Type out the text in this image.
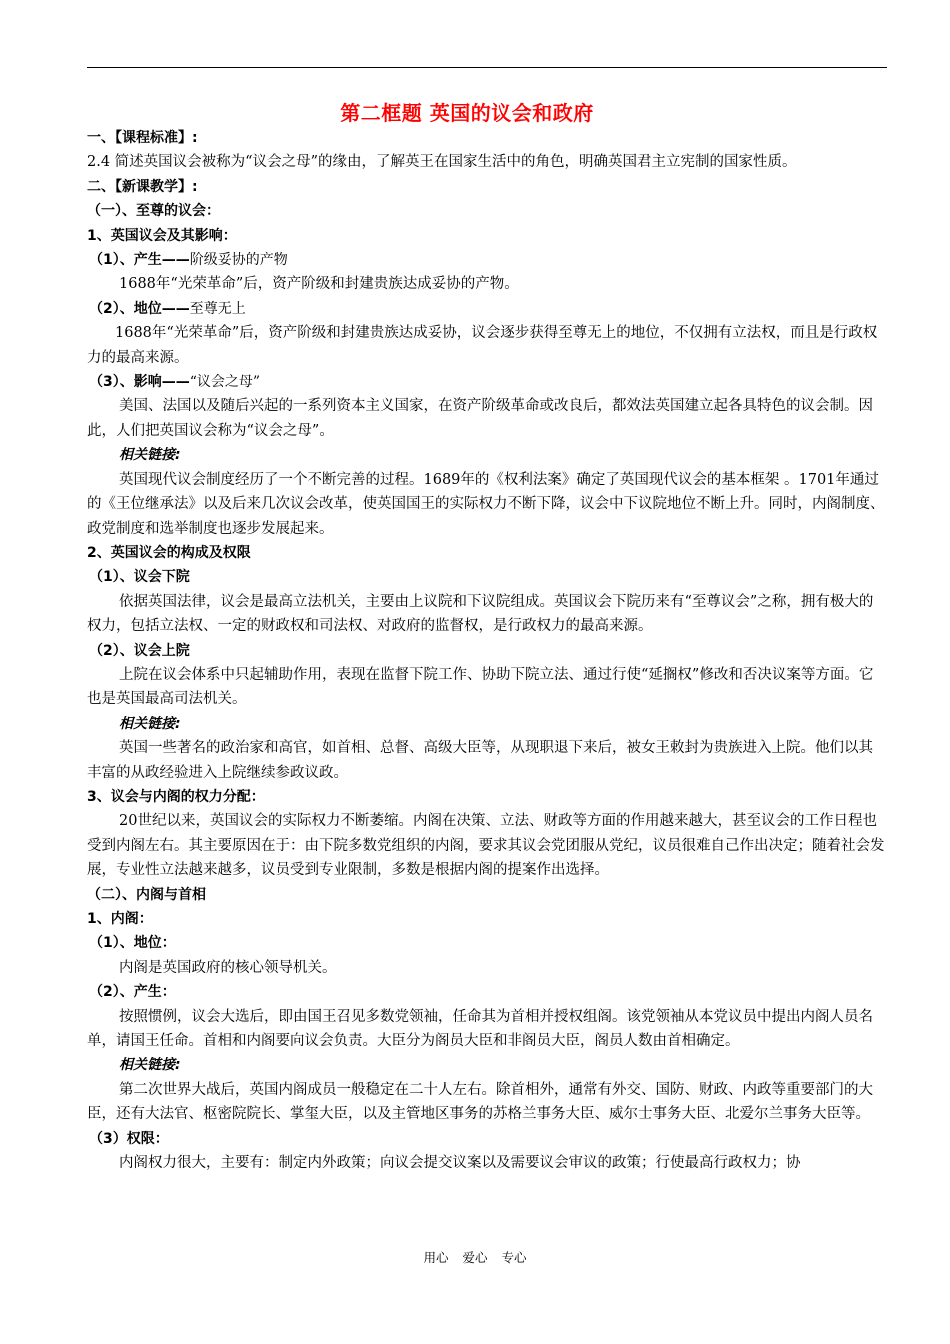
第二框题 英国的议会和政府

一、【课程标准】:

2.4 简述英国议会被称为“议会之母”的缘由，了解英王在国家生活中的角色，明确英国君主立宪制的国家性质。

二、【新课教学】:

（一）、至尊的议会：

1、英国议会及其影响：

（1）、产生——阶级妥协的产物

1688年“光荣革命”后，资产阶级和封建贵族达成妥协的产物。

（2）、地位——至尊无上

1688年“光荣革命”后，资产阶级和封建贵族达成妥协，议会逐步获得至尊无上的地位，不仅拥有立法权，而且是行政权力的最高来源。

（3）、影响——“议会之母”

美国、法国以及随后兴起的一系列资本主义国家，在资产阶级革命或改良后，都效法英国建立起各具特色的议会制。因此，人们把英国议会称为“议会之母”。

相关链接:

英国现代议会制度经历了一个不断完善的过程。1689年的《权利法案》确定了英国现代议会的基本框架 。1701年通过的《王位继承法》以及后来几次议会改革，使英国国王的实际权力不断下降，议会中下议院地位不断上升。同时，内阁制度、政党制度和选举制度也逐步发展起来。

2、英国议会的构成及权限

（1）、议会下院

依据英国法律，议会是最高立法机关，主要由上议院和下议院组成。英国议会下院历来有“至尊议会”之称，拥有极大的权力，包括立法权、一定的财政权和司法权、对政府的监督权，是行政权力的最高来源。

（2）、议会上院

上院在议会体系中只起辅助作用，表现在监督下院工作、协助下院立法、通过行使“延搁权”修改和否决议案等方面。它也是英国最高司法机关。

相关链接:

英国一些著名的政治家和高官，如首相、总督、高级大臣等，从现职退下来后，被女王敕封为贵族进入上院。他们以其丰富的从政经验进入上院继续参政议政。

3、议会与内阁的权力分配：

20世纪以来，英国议会的实际权力不断萎缩。内阁在决策、立法、财政等方面的作用越来越大，甚至议会的工作日程也受到内阁左右。其主要原因在于：由下院多数党组织的内阁，要求其议会党团服从党纪，议员很难自己作出决定；随着社会发展，专业性立法越来越多，议员受到专业限制，多数是根据内阁的提案作出选择。

（二）、内阁与首相

1、内阁：

（1）、地位：

内阁是英国政府的核心领导机关。

（2）、产生：

按照惯例，议会大选后，即由国王召见多数党领袖，任命其为首相并授权组阁。该党领袖从本党议员中提出内阁人员名单，请国王任命。首相和内阁要向议会负责。大臣分为阁员大臣和非阁员大臣，阁员人数由首相确定。

相关链接:

第二次世界大战后，英国内阁成员一般稳定在二十人左右。除首相外，通常有外交、国防、财政、内政等重要部门的大臣，还有大法官、枢密院院长、掌玺大臣，以及主管地区事务的苏格兰事务大臣、威尔士事务大臣、北爱尔兰事务大臣等。

（3）权限：

内阁权力很大，主要有：制定内外政策；向议会提交议案以及需要议会审议的政策；行使最高行政权力；协

用心 爱心 专心
